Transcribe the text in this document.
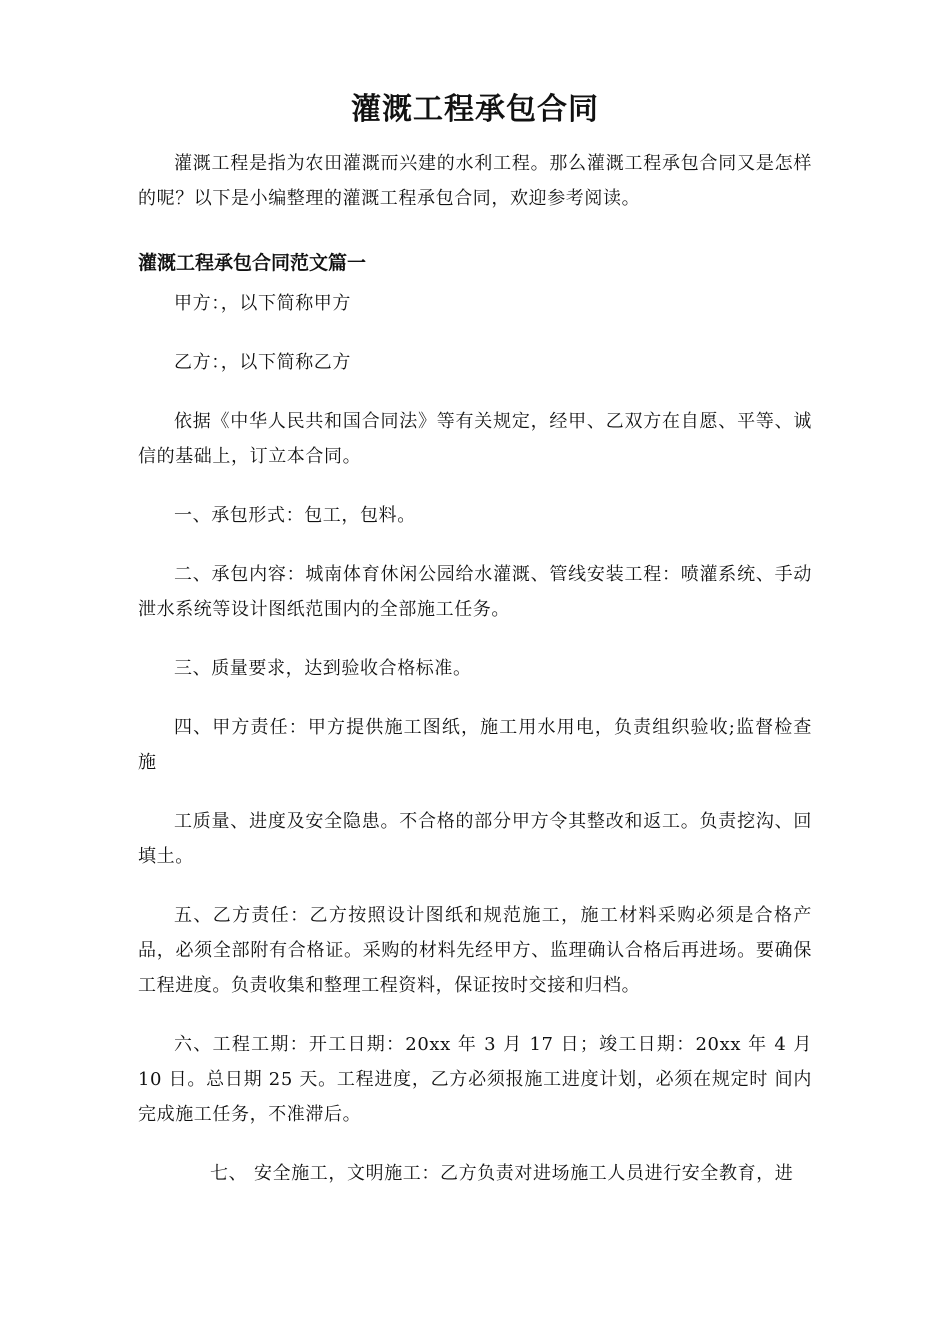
灌溉工程承包合同

灌溉工程是指为农田灌溉而兴建的水利工程。那么灌溉工程承包合同又是怎样的呢？以下是小编整理的灌溉工程承包合同，欢迎参考阅读。

灌溉工程承包合同范文篇一

甲方：，以下简称甲方

乙方：，以下简称乙方

依据《中华人民共和国合同法》等有关规定，经甲、乙双方在自愿、平等、诚信的基础上，订立本合同。

一、承包形式：包工，包料。

二、承包内容：城南体育休闲公园给水灌溉、管线安装工程：喷灌系统、手动泄水系统等设计图纸范围内的全部施工任务。

三、质量要求，达到验收合格标准。

四、甲方责任：甲方提供施工图纸，施工用水用电，负责组织验收;监督检查施

工质量、进度及安全隐患。不合格的部分甲方令其整改和返工。负责挖沟、回填土。

五、乙方责任：乙方按照设计图纸和规范施工，施工材料采购必须是合格产品，必须全部附有合格证。采购的材料先经甲方、监理确认合格后再进场。要确保工程进度。负责收集和整理工程资料，保证按时交接和归档。

六、工程工期：开工日期：20xx 年 3 月 17 日；竣工日期：20xx 年 4 月 10 日。总日期 25 天。工程进度，乙方必须报施工进度计划，必须在规定时 间内完成施工任务，不准滞后。

七、 安全施工，文明施工：乙方负责对进场施工人员进行安全教育，进
